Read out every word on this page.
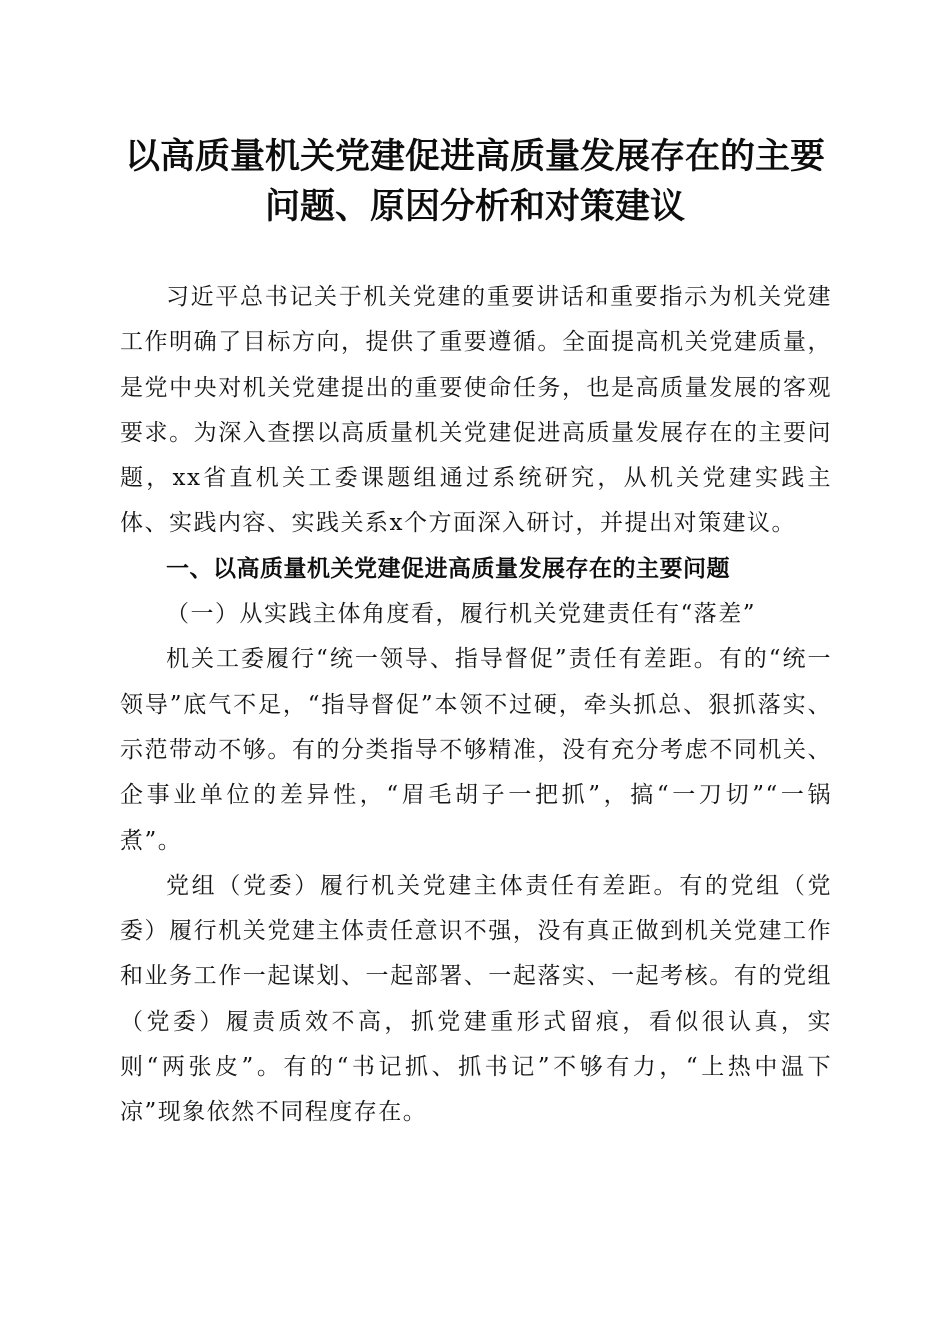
以高质量机关党建促进高质量发展存在的主要
问题、原因分析和对策建议

习近平总书记关于机关党建的重要讲话和重要指示为机关党建工作明确了目标方向，提供了重要遵循。全面提高机关党建质量，是党中央对机关党建提出的重要使命任务，也是高质量发展的客观要求。为深入查摆以高质量机关党建促进高质量发展存在的主要问题，xx省直机关工委课题组通过系统研究，从机关党建实践主体、实践内容、实践关系x个方面深入研讨，并提出对策建议。

一、以高质量机关党建促进高质量发展存在的主要问题

（一）从实践主体角度看，履行机关党建责任有“落差”

机关工委履行“统一领导、指导督促”责任有差距。有的“统一领导”底气不足，“指导督促”本领不过硬，牵头抓总、狠抓落实、示范带动不够。有的分类指导不够精准，没有充分考虑不同机关、企事业单位的差异性，“眉毛胡子一把抓”，搞“一刀切”“一锅煮”。

党组（党委）履行机关党建主体责任有差距。有的党组（党委）履行机关党建主体责任意识不强，没有真正做到机关党建工作和业务工作一起谋划、一起部署、一起落实、一起考核。有的党组（党委）履责质效不高，抓党建重形式留痕，看似很认真，实则“两张皮”。有的“书记抓、抓书记”不够有力，“上热中温下凉”现象依然不同程度存在。
